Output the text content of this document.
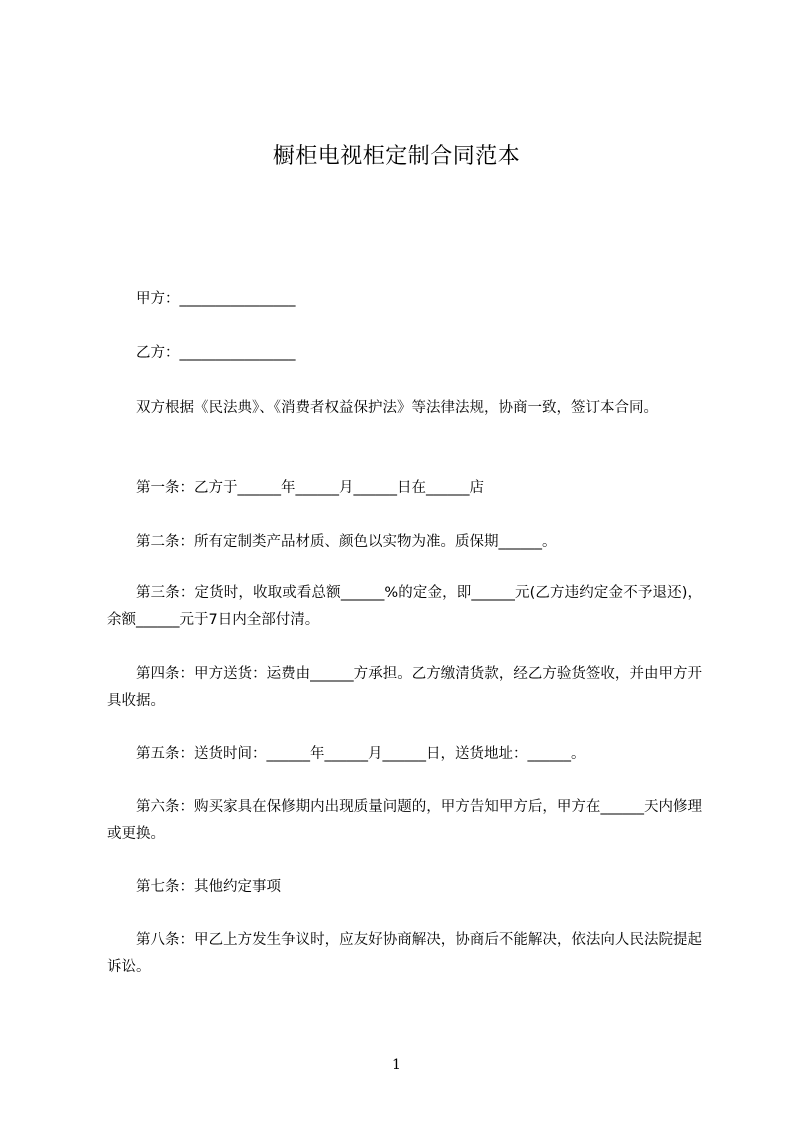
橱柜电视柜定制合同范本

甲方：________________

乙方：________________

双方根据《民法典》、《消费者权益保护法》等法律法规，协商一致，签订本合同。

第一条：乙方于______年______月______日在______店

第二条：所有定制类产品材质、颜色以实物为准。质保期______。

第三条：定货时，收取或看总额______%的定金，即______元(乙方违约定金不予退还)，余额______元于7日内全部付清。

第四条：甲方送货：运费由______方承担。乙方缴清货款，经乙方验货签收，并由甲方开具收据。

第五条：送货时间：______年______月______日，送货地址：______。

第六条：购买家具在保修期内出现质量问题的，甲方告知甲方后，甲方在______天内修理或更换。

第七条：其他约定事项

第八条：甲乙上方发生争议时，应友好协商解决，协商后不能解决，依法向人民法院提起诉讼。

1
